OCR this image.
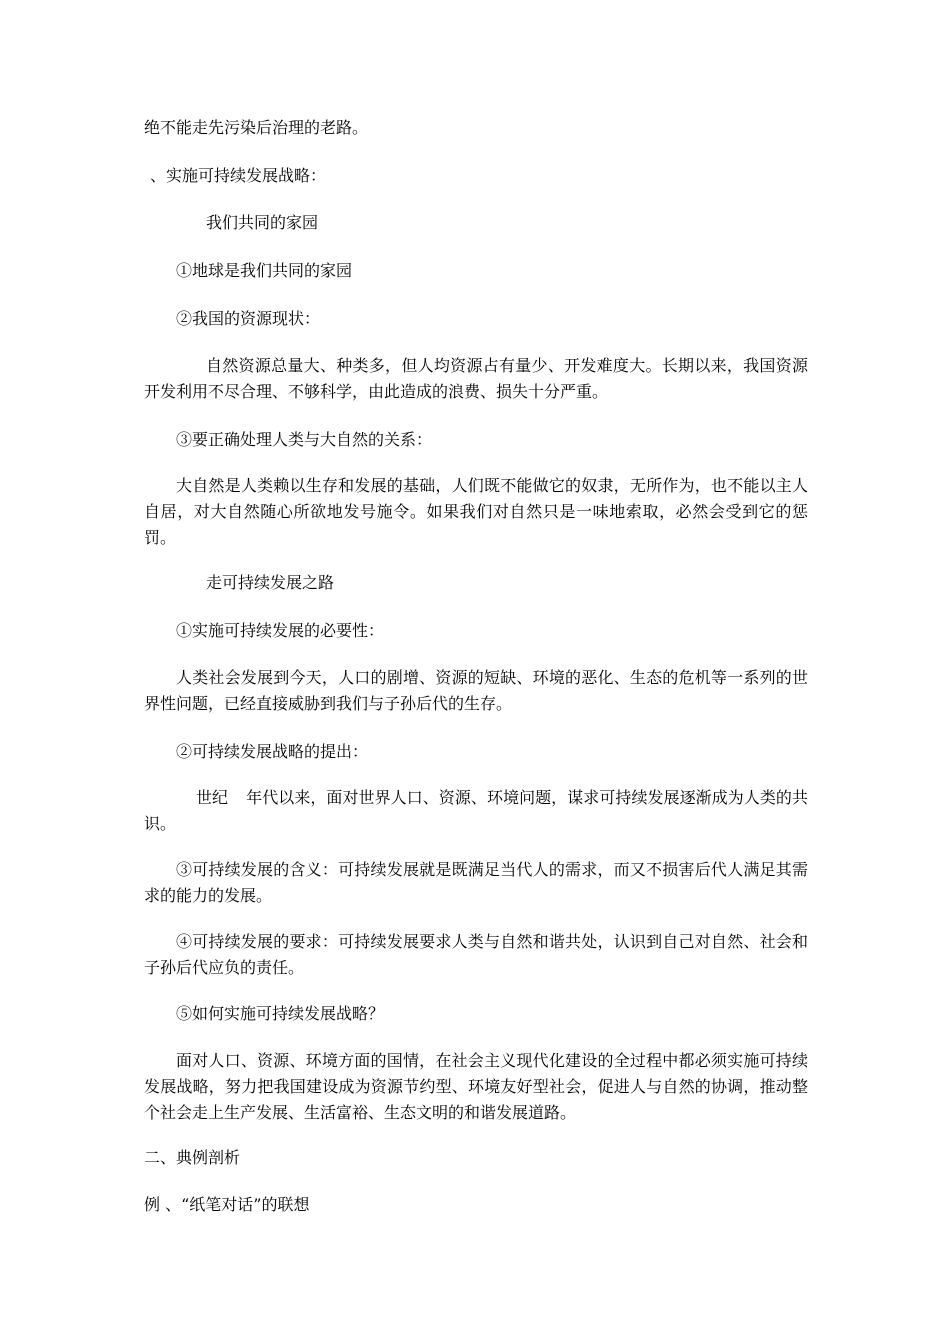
绝不能走先污染后治理的老路。

、实施可持续发展战略：

我们共同的家园

①地球是我们共同的家园

②我国的资源现状：

自然资源总量大、种类多，但人均资源占有量少、开发难度大。长期以来，我国资源开发利用不尽合理、不够科学，由此造成的浪费、损失十分严重。

③要正确处理人类与大自然的关系：

大自然是人类赖以生存和发展的基础，人们既不能做它的奴隶，无所作为，也不能以主人自居，对大自然随心所欲地发号施令。如果我们对自然只是一味地索取，必然会受到它的惩罚。

走可持续发展之路

①实施可持续发展的必要性：

人类社会发展到今天，人口的剧增、资源的短缺、环境的恶化、生态的危机等一系列的世界性问题，已经直接威胁到我们与子孙后代的生存。

②可持续发展战略的提出：

世纪 年代以来，面对世界人口、资源、环境问题，谋求可持续发展逐渐成为人类的共识。

③可持续发展的含义：可持续发展就是既满足当代人的需求，而又不损害后代人满足其需求的能力的发展。

④可持续发展的要求：可持续发展要求人类与自然和谐共处，认识到自己对自然、社会和子孙后代应负的责任。

⑤如何实施可持续发展战略？

面对人口、资源、环境方面的国情，在社会主义现代化建设的全过程中都必须实施可持续发展战略，努力把我国建设成为资源节约型、环境友好型社会，促进人与自然的协调，推动整个社会走上生产发展、生活富裕、生态文明的和谐发展道路。

二、典例剖析

例 、“纸笔对话”的联想
